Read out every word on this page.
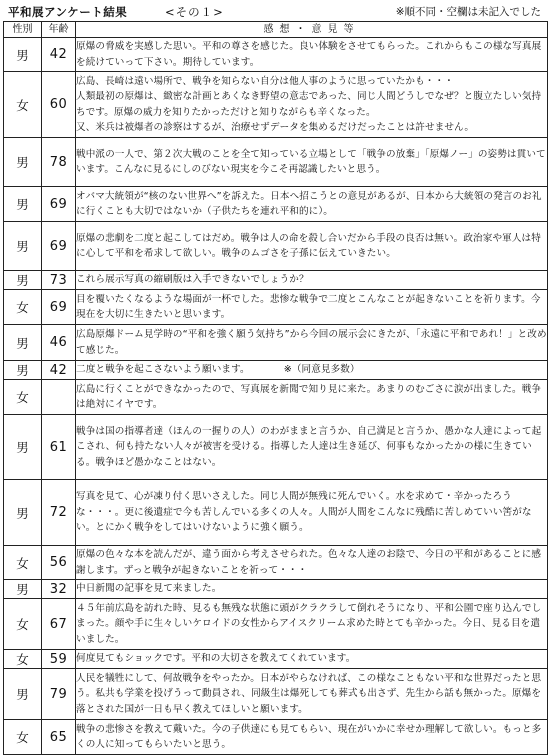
平和展アンケート結果	<その１>	※順不同・空欄は未記入でした
性別	年齢	感想・意見等
男	42	原爆の脅威を実感した思い。平和の尊さを感じた。良い体験をさせてもらった。これからもこの様な写真展を続けていって下さい。期待しています。
女	60	広島、長崎は遠い場所で、戦争を知らない自分は他人事のように思っていたかも・・・
人類最初の原爆は、緻密な計画とあくなき野望の意志であった、同じ人間どうしでなぜ？と腹立たしい気持ちです。原爆の威力を知りたかっただけと知りながらも辛くなった。
又、米兵は被爆者の診察はするが、治療せずデータを集めるだけだったことは許せません。
男	78	戦中派の一人で、第２次大戦のことを全て知っている立場として「戦争の放棄」「原爆ノー」の姿勢は貫いています。こんなに見るにしのびない現実を今こそ再認識したいと思う。
男	69	オバマ大統領が“核のない世界へ”を訴えた。日本へ招こうとの意見があるが、日本から大統領の発言のお礼に行くことも大切ではないか（子供たちを連れ平和的に）。
男	69	原爆の悲劇を二度と起こしてはだめ。戦争は人の命を殺し合いだから手段の良否は無い。政治家や軍人は特に心して平和を希求して欲しい。戦争のムゴさを子孫に伝えていきたい。
男	73	これら展示写真の縮刷版は入手できないでしょうか？
女	69	目を覆いたくなるような場面が一杯でした。悲惨な戦争で二度とこんなことが起きないことを祈ります。今現在を大切に生きたいと思います。
男	46	広島原爆ドーム見学時の“平和を強く願う気持ち”から今回の展示会にきたが、「永遠に平和であれ！」と改めて感じた。
男	42	二度と戦争を起こさないよう願います。　　　　※（同意見多数）
女		広島に行くことができなかったので、写真展を新聞で知り見に来た。あまりのむごさに涙が出ました。戦争は絶対にイヤです。
男	61	戦争は国の指導者達（ほんの一握りの人）のわがままと言うか、自己満足と言うか、愚かな人達によって起こされ、何も持たない人々が被害を受ける。指導した人達は生き延び、何事もなかったかの様に生きている。戦争ほど愚かなことはない。
男	72	写真を見て、心が凍り付く思いさえした。同じ人間が無残に死んでいく。水を求めて・辛かったろうな・・・。更に後遺症で今も苦しんでいる多くの人々。人間が人間をこんなに残酷に苦しめていい筈がない。とにかく戦争をしてはいけないように強く願う。
女	56	原爆の色々な本を読んだが、違う面から考えさせられた。色々な人達のお陰で、今日の平和があることに感謝します。ずっと戦争が起きないことを祈って・・・
男	32	中日新聞の記事を見て来ました。
女	67	４５年前広島を訪れた時、見るも無残な状態に頭がクラクラして倒れそうになり、平和公園で座り込んでしまった。顔や手に生々しいケロイドの女性からアイスクリーム求めた時とても辛かった。今日、見る目を遣いました。
女	59	何度見てもショックです。平和の大切さを教えてくれています。
男	79	人民を犠牲にして、何故戦争をやったか。日本がやらなければ、この様なこともない平和な世界だったと思う。私共も学業を投げうって動員され、同級生は爆死しても葬式も出さず、先生から話も無かった。原爆を落とされた国が一日も早く教えてほしいと願います。
女	65	戦争の悲惨さを教えて戴いた。今の子供達にも見てもらい、現在がいかに幸せか理解して欲しい。もっと多くの人に知ってもらいたいと思う。
